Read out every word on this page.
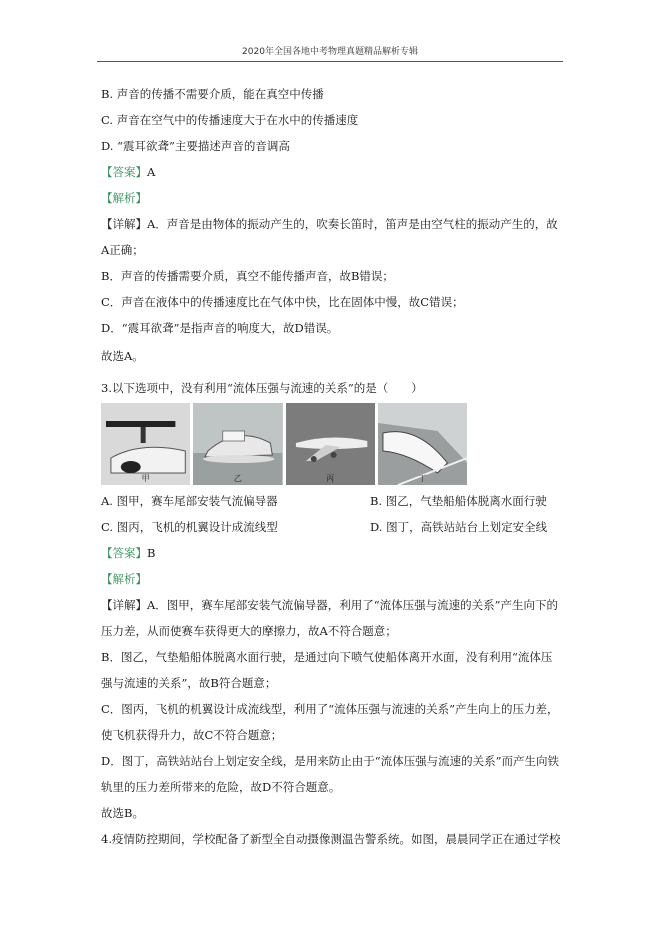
2020年全国各地中考物理真题精品解析专辑
B. 声音的传播不需要介质，能在真空中传播
C. 声音在空气中的传播速度大于在水中的传播速度
D. “震耳欲聋”主要描述声音的音调高
【答案】A
【解析】
【详解】A．声音是由物体的振动产生的，吹奏长笛时，笛声是由空气柱的振动产生的，故
A正确；
B．声音的传播需要介质，真空不能传播声音，故B错误；
C．声音在液体中的传播速度比在气体中快，比在固体中慢，故C错误；
D．“震耳欲聋”是指声音的响度大，故D错误。
故选A。
3.以下选项中，没有利用“流体压强与流速的关系”的是（　　）
甲	乙	丙	丁
A. 图甲，赛车尾部安装气流偏导器	B. 图乙，气垫船船体脱离水面行驶
C. 图丙，飞机的机翼设计成流线型	D. 图丁，高铁站站台上划定安全线
【答案】B
【解析】
【详解】A．图甲，赛车尾部安装气流偏导器，利用了“流体压强与流速的关系”产生向下的
压力差，从而使赛车获得更大的摩擦力，故A不符合题意；
B．图乙，气垫船船体脱离水面行驶，是通过向下喷气使船体离开水面，没有利用“流体压
强与流速的关系”，故B符合题意；
C．图丙，飞机的机翼设计成流线型，利用了“流体压强与流速的关系”产生向上的压力差，
使飞机获得升力，故C不符合题意；
D．图丁，高铁站站台上划定安全线，是用来防止由于“流体压强与流速的关系”而产生向铁
轨里的压力差所带来的危险，故D不符合题意。
故选B。
4.疫情防控期间，学校配备了新型全自动摄像测温告警系统。如图，晨晨同学正在通过学校
